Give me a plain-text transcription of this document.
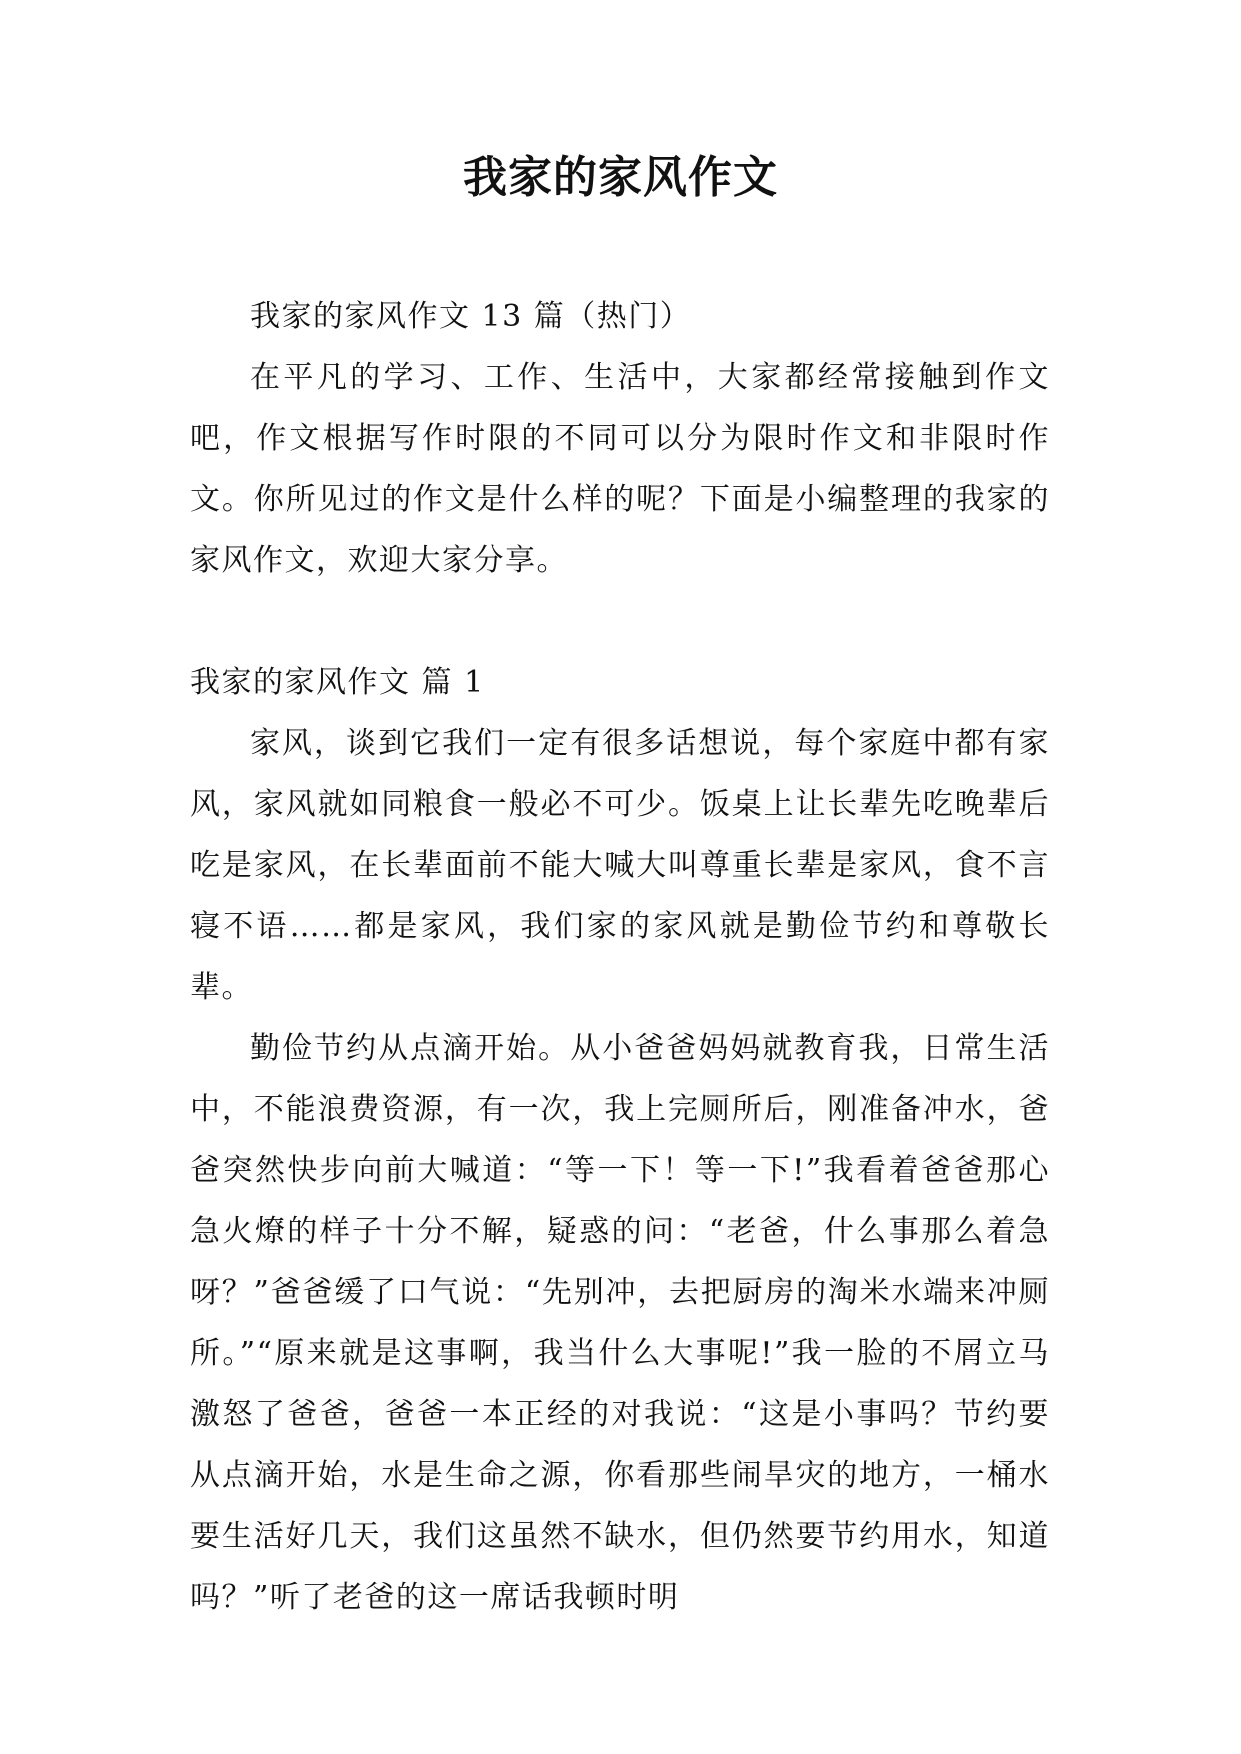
我家的家风作文

我家的家风作文 13 篇（热门）

在平凡的学习、工作、生活中，大家都经常接触到作文吧，作文根据写作时限的不同可以分为限时作文和非限时作文。你所见过的作文是什么样的呢？下面是小编整理的我家的家风作文，欢迎大家分享。

我家的家风作文 篇 1

家风，谈到它我们一定有很多话想说，每个家庭中都有家风，家风就如同粮食一般必不可少。饭桌上让长辈先吃晚辈后吃是家风，在长辈面前不能大喊大叫尊重长辈是家风，食不言寝不语……都是家风，我们家的家风就是勤俭节约和尊敬长辈。

勤俭节约从点滴开始。从小爸爸妈妈就教育我，日常生活中，不能浪费资源，有一次，我上完厕所后，刚准备冲水，爸爸突然快步向前大喊道：“等一下！等一下!”我看着爸爸那心急火燎的样子十分不解，疑惑的问：“老爸，什么事那么着急呀？”爸爸缓了口气说：“先别冲，去把厨房的淘米水端来冲厕所。”“原来就是这事啊，我当什么大事呢!”我一脸的不屑立马激怒了爸爸，爸爸一本正经的对我说：“这是小事吗？节约要从点滴开始，水是生命之源，你看那些闹旱灾的地方，一桶水要生活好几天，我们这虽然不缺水，但仍然要节约用水，知道吗？”听了老爸的这一席话我顿时明
